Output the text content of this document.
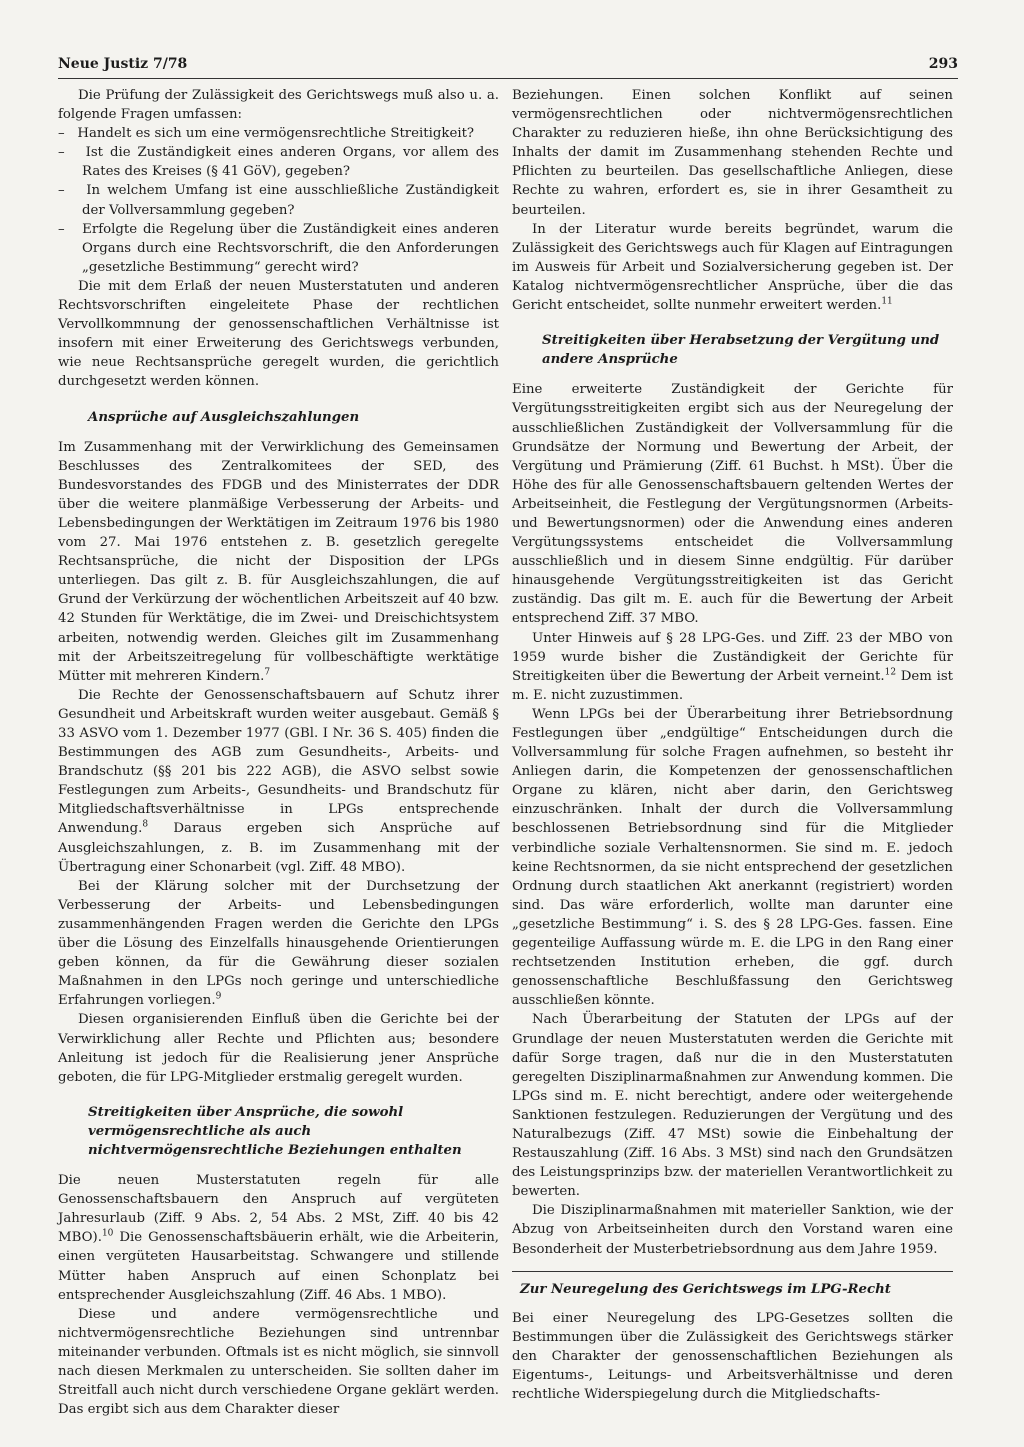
Neue Justiz 7/78	293

Die Prüfung der Zulässigkeit des Gerichtswegs muß also u. a. folgende Fragen umfassen:

–   Handelt es sich um eine vermögensrechtliche Streitigkeit?
–   Ist die Zuständigkeit eines anderen Organs, vor allem des Rates des Kreises (§ 41 GöV), gegeben?
–   In welchem Umfang ist eine ausschließliche Zuständigkeit der Vollversammlung gegeben?
–   Erfolgte die Regelung über die Zuständigkeit eines anderen Organs durch eine Rechtsvorschrift, die den Anforderungen „gesetzliche Bestimmung“ gerecht wird?

Die mit dem Erlaß der neuen Musterstatuten und anderen Rechtsvorschriften eingeleitete Phase der rechtlichen Vervollkommnung der genossenschaftlichen Verhältnisse ist insofern mit einer Erweiterung des Gerichtswegs verbunden, wie neue Rechtsansprüche geregelt wurden, die gerichtlich durchgesetzt werden können.

Ansprüche auf Ausgleichszahlungen

Im Zusammenhang mit der Verwirklichung des Gemeinsamen Beschlusses des Zentralkomitees der SED, des Bundesvorstandes des FDGB und des Ministerrates der DDR über die weitere planmäßige Verbesserung der Arbeits- und Lebensbedingungen der Werktätigen im Zeitraum 1976 bis 1980 vom 27. Mai 1976 entstehen z. B. gesetzlich geregelte Rechtsansprüche, die nicht der Disposition der LPGs unterliegen. Das gilt z. B. für Ausgleichszahlungen, die auf Grund der Verkürzung der wöchentlichen Arbeitszeit auf 40 bzw. 42 Stunden für Werktätige, die im Zwei- und Dreischichtsystem arbeiten, notwendig werden. Gleiches gilt im Zusammenhang mit der Arbeitszeitregelung für vollbeschäftigte werktätige Mütter mit mehreren Kindern.$^7$

Die Rechte der Genossenschaftsbauern auf Schutz ihrer Gesundheit und Arbeitskraft wurden weiter ausgebaut. Gemäß § 33 ASVO vom 1. Dezember 1977 (GBl. I Nr. 36 S. 405) finden die Bestimmungen des AGB zum Gesundheits-, Arbeits- und Brandschutz (§§ 201 bis 222 AGB), die ASVO selbst sowie Festlegungen zum Arbeits-, Gesundheits- und Brandschutz für Mitgliedschaftsverhältnisse in LPGs entsprechende Anwendung.$^8$ Daraus ergeben sich Ansprüche auf Ausgleichszahlungen, z. B. im Zusammenhang mit der Übertragung einer Schonarbeit (vgl. Ziff. 48 MBO).

Bei der Klärung solcher mit der Durchsetzung der Verbesserung der Arbeits- und Lebensbedingungen zusammenhängenden Fragen werden die Gerichte den LPGs über die Lösung des Einzelfalls hinausgehende Orientierungen geben können, da für die Gewährung dieser sozialen Maßnahmen in den LPGs noch geringe und unterschiedliche Erfahrungen vorliegen.$^9$

Diesen organisierenden Einfluß üben die Gerichte bei der Verwirklichung aller Rechte und Pflichten aus; besondere Anleitung ist jedoch für die Realisierung jener Ansprüche geboten, die für LPG-Mitglieder erstmalig geregelt wurden.

Streitigkeiten über Ansprüche, die sowohl vermögensrechtliche als auch nichtvermögensrechtliche Beziehungen enthalten

Die neuen Musterstatuten regeln für alle Genossenschaftsbauern den Anspruch auf vergüteten Jahresurlaub (Ziff. 9 Abs. 2, 54 Abs. 2 MSt, Ziff. 40 bis 42 MBO).$^{10}$ Die Genossenschaftsbäuerin erhält, wie die Arbeiterin, einen vergüteten Hausarbeitstag. Schwangere und stillende Mütter haben Anspruch auf einen Schonplatz bei entsprechender Ausgleichszahlung (Ziff. 46 Abs. 1 MBO).

Diese und andere vermögensrechtliche und nichtvermögensrechtliche Beziehungen sind untrennbar miteinander verbunden. Oftmals ist es nicht möglich, sie sinnvoll nach diesen Merkmalen zu unterscheiden. Sie sollten daher im Streitfall auch nicht durch verschiedene Organe geklärt werden. Das ergibt sich aus dem Charakter dieser

Beziehungen. Einen solchen Konflikt auf seinen vermögensrechtlichen oder nichtvermögensrechtlichen Charakter zu reduzieren hieße, ihn ohne Berücksichtigung des Inhalts der damit im Zusammenhang stehenden Rechte und Pflichten zu beurteilen. Das gesellschaftliche Anliegen, diese Rechte zu wahren, erfordert es, sie in ihrer Gesamtheit zu beurteilen.

In der Literatur wurde bereits begründet, warum die Zulässigkeit des Gerichtswegs auch für Klagen auf Eintragungen im Ausweis für Arbeit und Sozialversicherung gegeben ist. Der Katalog nichtvermögensrechtlicher Ansprüche, über die das Gericht entscheidet, sollte nunmehr erweitert werden.$^{11}$

Streitigkeiten über Herabsetzung der Vergütung und andere Ansprüche

Eine erweiterte Zuständigkeit der Gerichte für Vergütungsstreitigkeiten ergibt sich aus der Neuregelung der ausschließlichen Zuständigkeit der Vollversammlung für die Grundsätze der Normung und Bewertung der Arbeit, der Vergütung und Prämierung (Ziff. 61 Buchst. h MSt). Über die Höhe des für alle Genossenschaftsbauern geltenden Wertes der Arbeitseinheit, die Festlegung der Vergütungsnormen (Arbeits- und Bewertungsnormen) oder die Anwendung eines anderen Vergütungssystems entscheidet die Vollversammlung ausschließlich und in diesem Sinne endgültig. Für darüber hinausgehende Vergütungsstreitigkeiten ist das Gericht zuständig. Das gilt m. E. auch für die Bewertung der Arbeit entsprechend Ziff. 37 MBO.

Unter Hinweis auf § 28 LPG-Ges. und Ziff. 23 der MBO von 1959 wurde bisher die Zuständigkeit der Gerichte für Streitigkeiten über die Bewertung der Arbeit verneint.$^{12}$ Dem ist m. E. nicht zuzustimmen.

Wenn LPGs bei der Überarbeitung ihrer Betriebsordnung Festlegungen über „endgültige“ Entscheidungen durch die Vollversammlung für solche Fragen aufnehmen, so besteht ihr Anliegen darin, die Kompetenzen der genossenschaftlichen Organe zu klären, nicht aber darin, den Gerichtsweg einzuschränken. Inhalt der durch die Vollversammlung beschlossenen Betriebsordnung sind für die Mitglieder verbindliche soziale Verhaltensnormen. Sie sind m. E. jedoch keine Rechtsnormen, da sie nicht entsprechend der gesetzlichen Ordnung durch staatlichen Akt anerkannt (registriert) worden sind. Das wäre erforderlich, wollte man darunter eine „gesetzliche Bestimmung“ i. S. des § 28 LPG-Ges. fassen. Eine gegenteilige Auffassung würde m. E. die LPG in den Rang einer rechtsetzenden Institution erheben, die ggf. durch genossenschaftliche Beschlußfassung den Gerichtsweg ausschließen könnte.

Nach Überarbeitung der Statuten der LPGs auf der Grundlage der neuen Musterstatuten werden die Gerichte mit dafür Sorge tragen, daß nur die in den Musterstatuten geregelten Disziplinarmaßnahmen zur Anwendung kommen. Die LPGs sind m. E. nicht berechtigt, andere oder weitergehende Sanktionen festzulegen. Reduzierungen der Vergütung und des Naturalbezugs (Ziff. 47 MSt) sowie die Einbehaltung der Restauszahlung (Ziff. 16 Abs. 3 MSt) sind nach den Grundsätzen des Leistungsprinzips bzw. der materiellen Verantwortlichkeit zu bewerten.

Die Disziplinarmaßnahmen mit materieller Sanktion, wie der Abzug von Arbeitseinheiten durch den Vorstand waren eine Besonderheit der Musterbetriebsordnung aus dem Jahre 1959.

Zur Neuregelung des Gerichtswegs im LPG-Recht

Bei einer Neuregelung des LPG-Gesetzes sollten die Bestimmungen über die Zulässigkeit des Gerichtswegs stärker den Charakter der genossenschaftlichen Beziehungen als Eigentums-, Leitungs- und Arbeitsverhältnisse und deren rechtliche Widerspiegelung durch die Mitgliedschafts-
